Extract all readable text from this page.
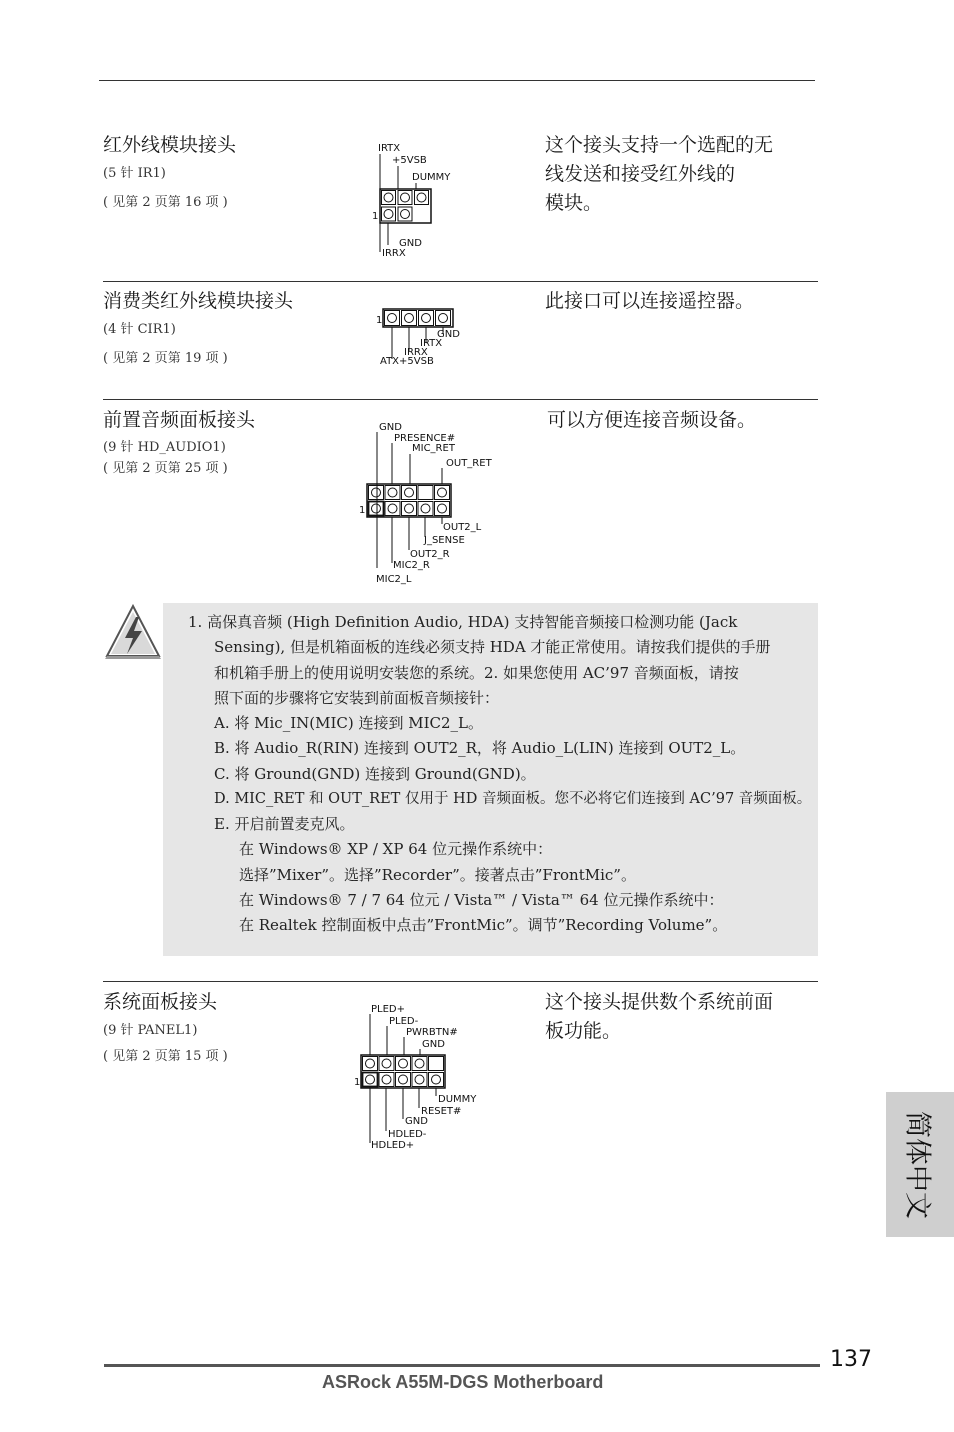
红外线模块接头
(5 针 IR1)
( 见第 2 页第 16 项 )
这个接头支持一个选配的无
线发送和接受红外线的
模块。
IRTX
+5VSB
DUMMY
1
GND
IRRX
消费类红外线模块接头
(4 针 CIR1)
( 见第 2 页第 19 项 )
此接口可以连接遥控器。
1
GND
IRTX
IRRX
ATX+5VSB
前置音频面板接头
(9 针 HD_AUDIO1)
( 见第 2 页第 25 项 )
可以方便连接音频设备。
GND
PRESENCE#
MIC_RET
OUT_RET
1
OUT2_L
J_SENSE
OUT2_R
MIC2_R
MIC2_L
1. 高保真音频 (High Definition Audio, HDA) 支持智能音频接口检测功能 (Jack
Sensing), 但是机箱面板的连线必须支持 HDA 才能正常使用。请按我们提供的手册
和机箱手册上的使用说明安装您的系统。2. 如果您使用 AC’97 音频面板，请按
照下面的步骤将它安装到前面板音频接针：
A. 将 Mic_IN(MIC) 连接到 MIC2_L。
B. 将 Audio_R(RIN) 连接到 OUT2_R，将 Audio_L(LIN) 连接到 OUT2_L。
C. 将 Ground(GND) 连接到 Ground(GND)。
D. MIC_RET 和 OUT_RET 仅用于 HD 音频面板。您不必将它们连接到 AC’97 音频面板。
E. 开启前置麦克风。
在 Windows® XP / XP 64 位元操作系统中：
选择”Mixer”。选择”Recorder”。接著点击”FrontMic”。
在 Windows® 7 / 7 64 位元 / Vista™ / Vista™ 64 位元操作系统中：
在 Realtek 控制面板中点击”FrontMic”。调节”Recording Volume”。
系统面板接头
(9 针 PANEL1)
( 见第 2 页第 15 项 )
这个接头提供数个系统前面
板功能。
PLED+
PLED-
PWRBTN#
GND
1
DUMMY
RESET#
GND
HDLED-
HDLED+	简体中文
137
ASRock A55M-DGS Motherboard
